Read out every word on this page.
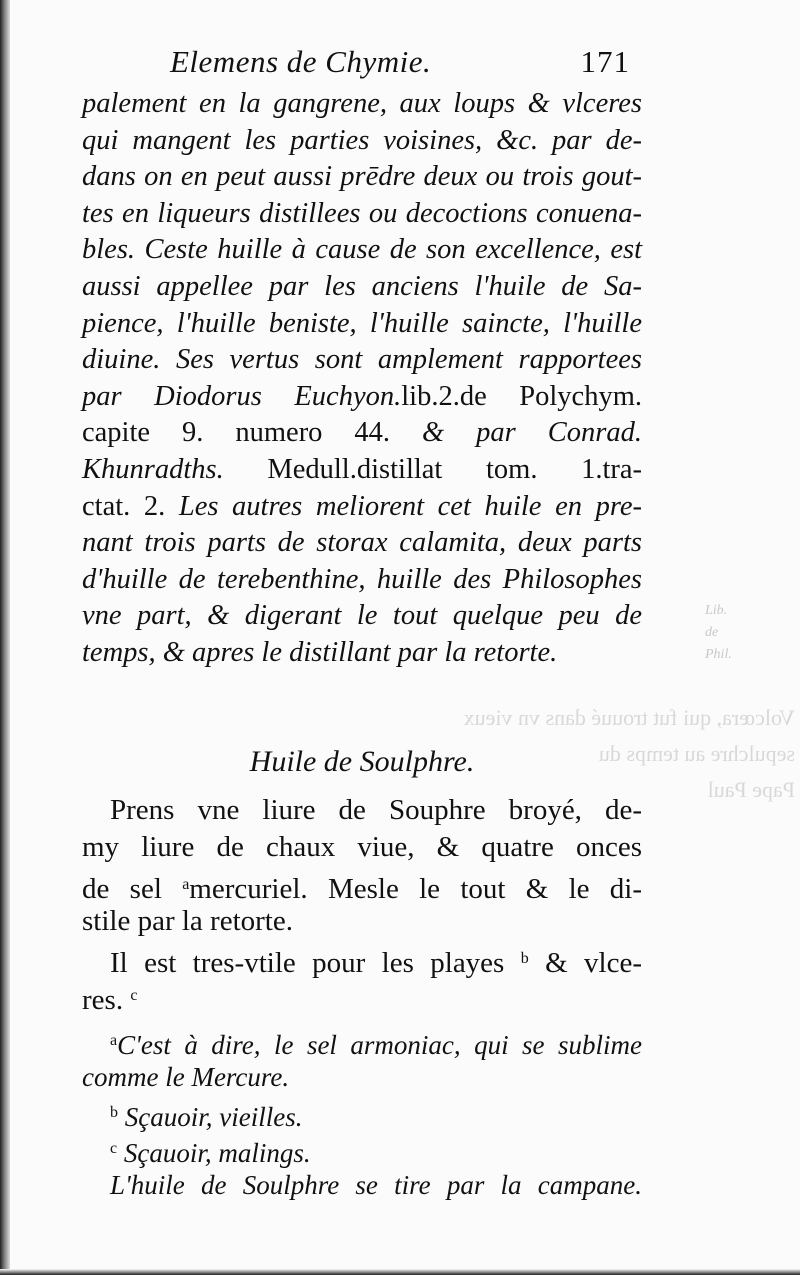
Volcœra, qui fut trouué dans vn vieux
sepulchre au temps du
Pape Paul

Lib.
de
Phil.
Elemens de Chymie.	171
palement en la gangrene, aux loups & vlceres
qui mangent les parties voisines, &c. par de-
dans on en peut aussi prēdre deux ou trois gout-
tes en liqueurs distillees ou decoctions conuena-
bles. Ceste huille à cause de son excellence, est
aussi appellee par les anciens l'huile de Sa-
pience, l'huille beniste, l'huille saincte, l'huille
diuine. Ses vertus sont amplement rapportees
par Diodorus Euchyon.lib.2.de Polychym.
capite 9. numero 44. & par Conrad.
Khunradths. Medull.distillat tom. 1.tra-
ctat. 2. Les autres meliorent cet huile en pre-
nant trois parts de storax calamita, deux parts
d'huille de terebenthine, huille des Philosophes
vne part, & digerant le tout quelque peu de
temps, & apres le distillant par la retorte.
Huile de Soulphre.
Prens vne liure de Souphre broyé, de-
my liure de chaux viue, & quatre onces
de sel $^a$mercuriel. Mesle le tout & le di-
stile par la retorte.
Il est tres-vtile pour les playes $^b$ & vlce-
res. $^c$
$^a$C'est à dire, le sel armoniac, qui se sublime
comme le Mercure.
$^b$ Sçauoir, vieilles.
$^c$ Sçauoir, malings.
L'huile de Soulphre se tire par la campane.
